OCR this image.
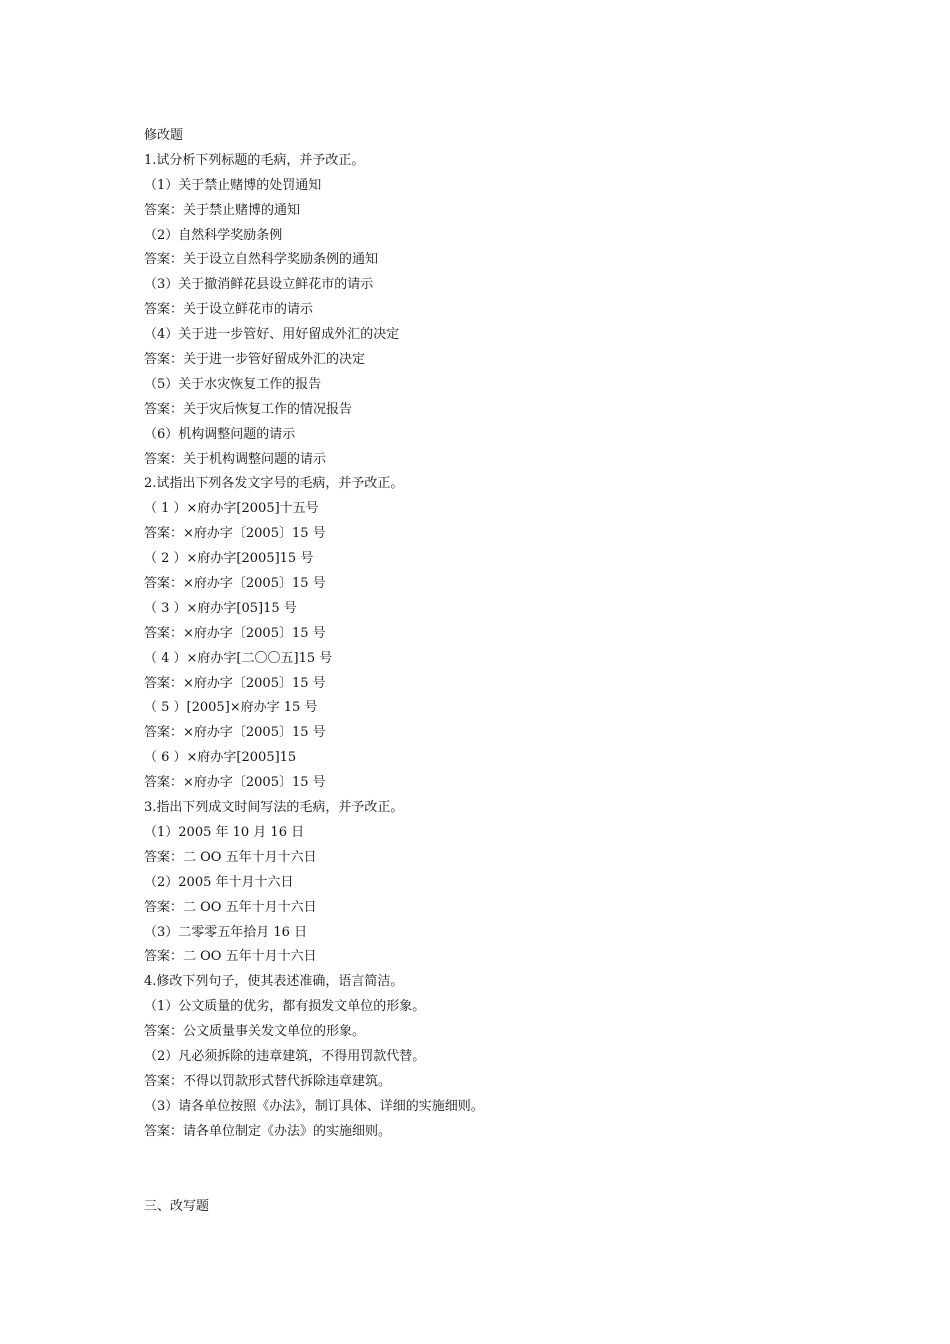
修改题
1.试分析下列标题的毛病，并予改正。
（1）关于禁止赌博的处罚通知
答案：关于禁止赌博的通知
（2）自然科学奖励条例
答案：关于设立自然科学奖励条例的通知
（3）关于撤消鲜花县设立鲜花市的请示
答案：关于设立鲜花市的请示
（4）关于进一步管好、用好留成外汇的决定
答案：关于进一步管好留成外汇的决定
（5）关于水灾恢复工作的报告
答案：关于灾后恢复工作的情况报告
（6）机构调整问题的请示
答案：关于机构调整问题的请示
2.试指出下列各发文字号的毛病，并予改正。
（ 1 ）×府办字[2005]十五号
答案：×府办字〔2005〕15 号
（ 2 ）×府办字[2005]15 号
答案：×府办字〔2005〕15 号
（ 3 ）×府办字[05]15 号
答案：×府办字〔2005〕15 号
（ 4 ）×府办字[二〇〇五]15 号
答案：×府办字〔2005〕15 号
（ 5 ）[2005]×府办字 15 号
答案：×府办字〔2005〕15 号
（ 6 ）×府办字[2005]15
答案：×府办字〔2005〕15 号
3.指出下列成文时间写法的毛病，并予改正。
（1）2005 年 10 月 16 日
答案：二 OO 五年十月十六日
（2）2005 年十月十六日
答案：二 OO 五年十月十六日
（3）二零零五年拾月 16 日
答案：二 OO 五年十月十六日
4.修改下列句子，使其表述准确，语言简洁。
（1）公文质量的优劣，都有损发文单位的形象。
答案：公文质量事关发文单位的形象。
（2）凡必须拆除的违章建筑，不得用罚款代替。
答案：不得以罚款形式替代拆除违章建筑。
（3）请各单位按照《办法》，制订具体、详细的实施细则。
答案：请各单位制定《办法》的实施细则。
三、改写题
